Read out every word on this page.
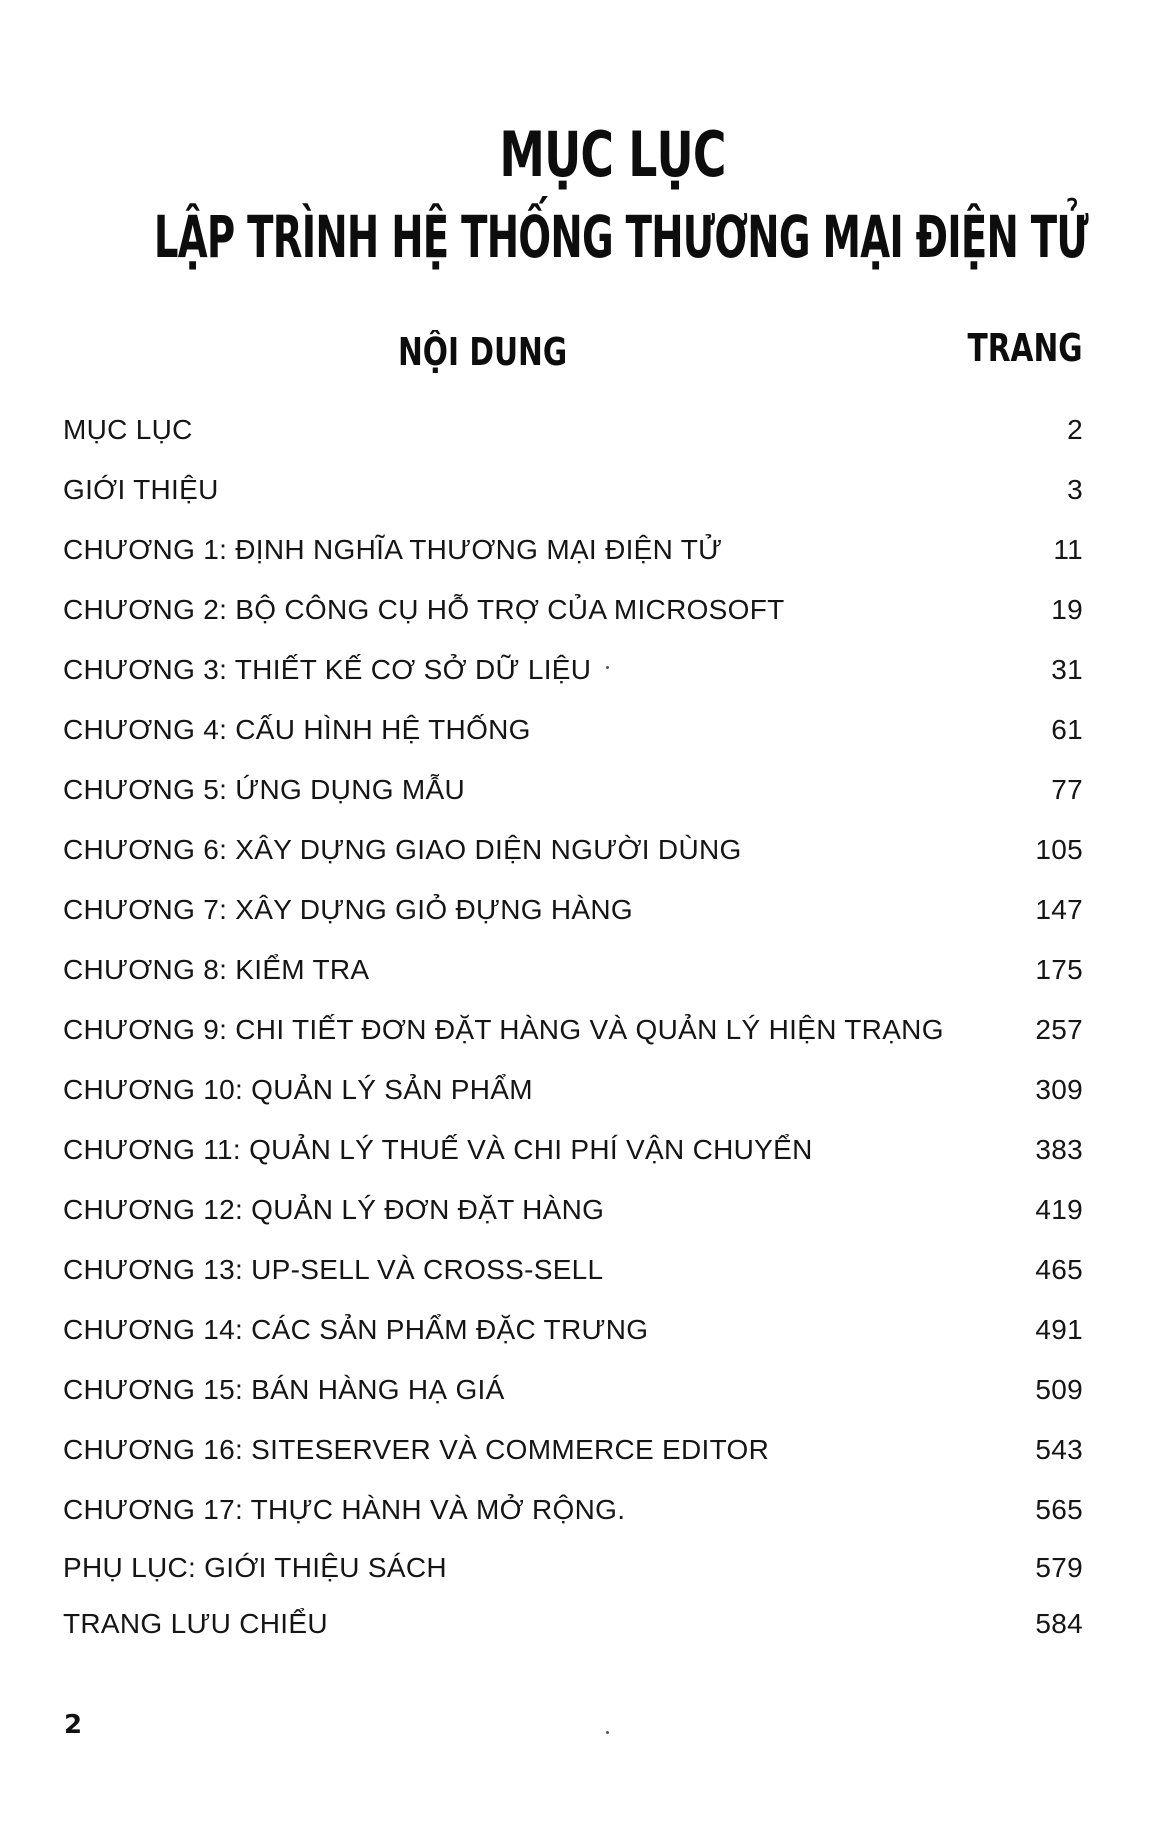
MỤC LỤC
LẬP TRÌNH HỆ THỐNG THƯƠNG MẠI ĐIỆN TỬ
NỘI DUNG	TRANG
MỤC LỤC	2
GIỚI THIỆU	3
CHƯƠNG 1: ĐỊNH NGHĨA THƯƠNG MẠI ĐIỆN TỬ	11
CHƯƠNG 2: BỘ CÔNG CỤ HỖ TRỢ CỦA MICROSOFT	19
CHƯƠNG 3: THIẾT KẾ CƠ SỞ DỮ LIỆU	31
CHƯƠNG 4: CẤU HÌNH HỆ THỐNG	61
CHƯƠNG 5: ỨNG DỤNG MẪU	77
CHƯƠNG 6: XÂY DỰNG GIAO DIỆN NGƯỜI DÙNG	105
CHƯƠNG 7: XÂY DỰNG GIỎ ĐỰNG HÀNG	147
CHƯƠNG 8: KIỂM TRA	175
CHƯƠNG 9: CHI TIẾT ĐƠN ĐẶT HÀNG VÀ QUẢN LÝ HIỆN TRẠNG	257
CHƯƠNG 10: QUẢN LÝ SẢN PHẨM	309
CHƯƠNG 11: QUẢN LÝ THUẾ VÀ CHI PHÍ VẬN CHUYỂN	383
CHƯƠNG 12: QUẢN LÝ ĐƠN ĐẶT HÀNG	419
CHƯƠNG 13: UP-SELL VÀ CROSS-SELL	465
CHƯƠNG 14: CÁC SẢN PHẨM ĐẶC TRƯNG	491
CHƯƠNG 15: BÁN HÀNG HẠ GIÁ	509
CHƯƠNG 16: SITESERVER VÀ COMMERCE EDITOR	543
CHƯƠNG 17: THỰC HÀNH VÀ MỞ RỘNG.	565
PHỤ LỤC: GIỚI THIỆU SÁCH	579
TRANG LƯU CHIỂU	584
2
